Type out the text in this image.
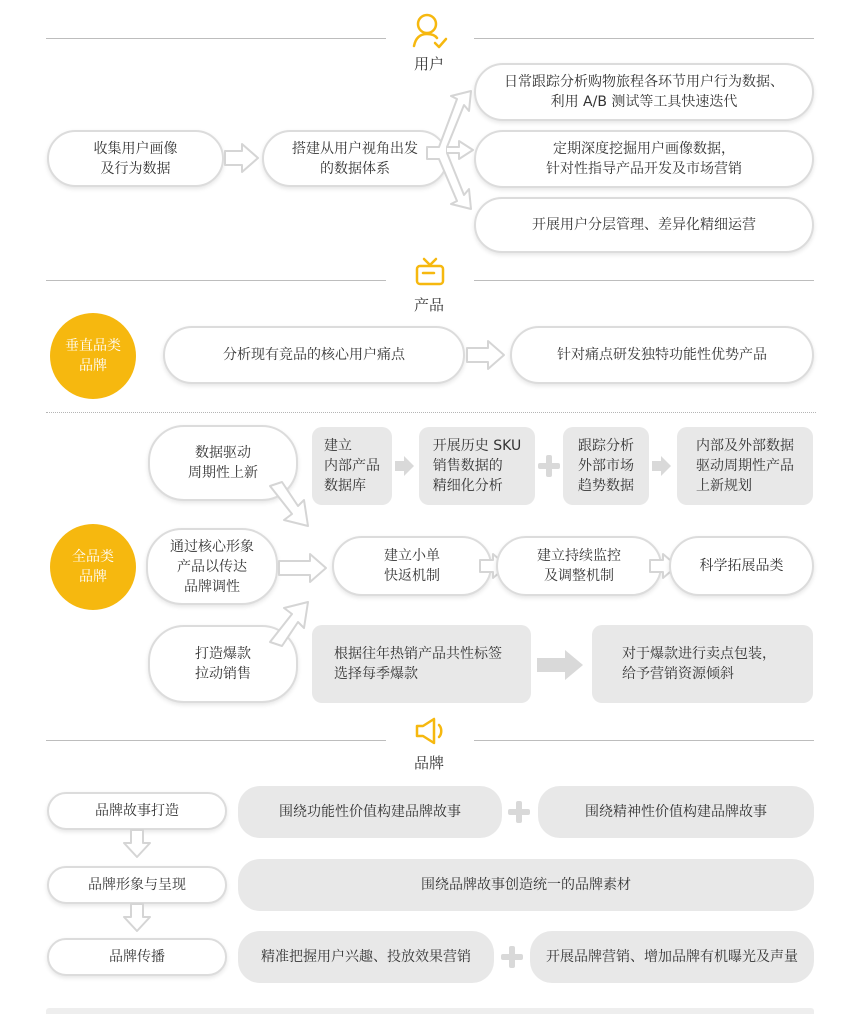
用户
收集用户画像
及行为数据
搭建从用户视角出发
的数据体系
日常跟踪分析购物旅程各环节用户行为数据、
利用 A/B 测试等工具快速迭代
定期深度挖掘用户画像数据，
针对性指导产品开发及市场营销
开展用户分层管理、差异化精细运营
产品
垂直品类
品牌
分析现有竞品的核心用户痛点	针对痛点研发独特功能性优势产品
全品类
品牌
数据驱动
周期性上新
通过核心形象
产品以传达
品牌调性
打造爆款
拉动销售
建立
内部产品
数据库
开展历史 SKU
销售数据的
精细化分析
跟踪分析
外部市场
趋势数据
内部及外部数据
驱动周期性产品
上新规划
建立小单
快返机制
建立持续监控
及调整机制
科学拓展品类
根据往年热销产品共性标签
选择每季爆款
对于爆款进行卖点包装，
给予营销资源倾斜
品牌
品牌故事打造
品牌形象与呈现
品牌传播
围绕功能性价值构建品牌故事	围绕精神性价值构建品牌故事
围绕品牌故事创造统一的品牌素材
精准把握用户兴趣、投放效果营销	开展品牌营销、增加品牌有机曝光及声量
